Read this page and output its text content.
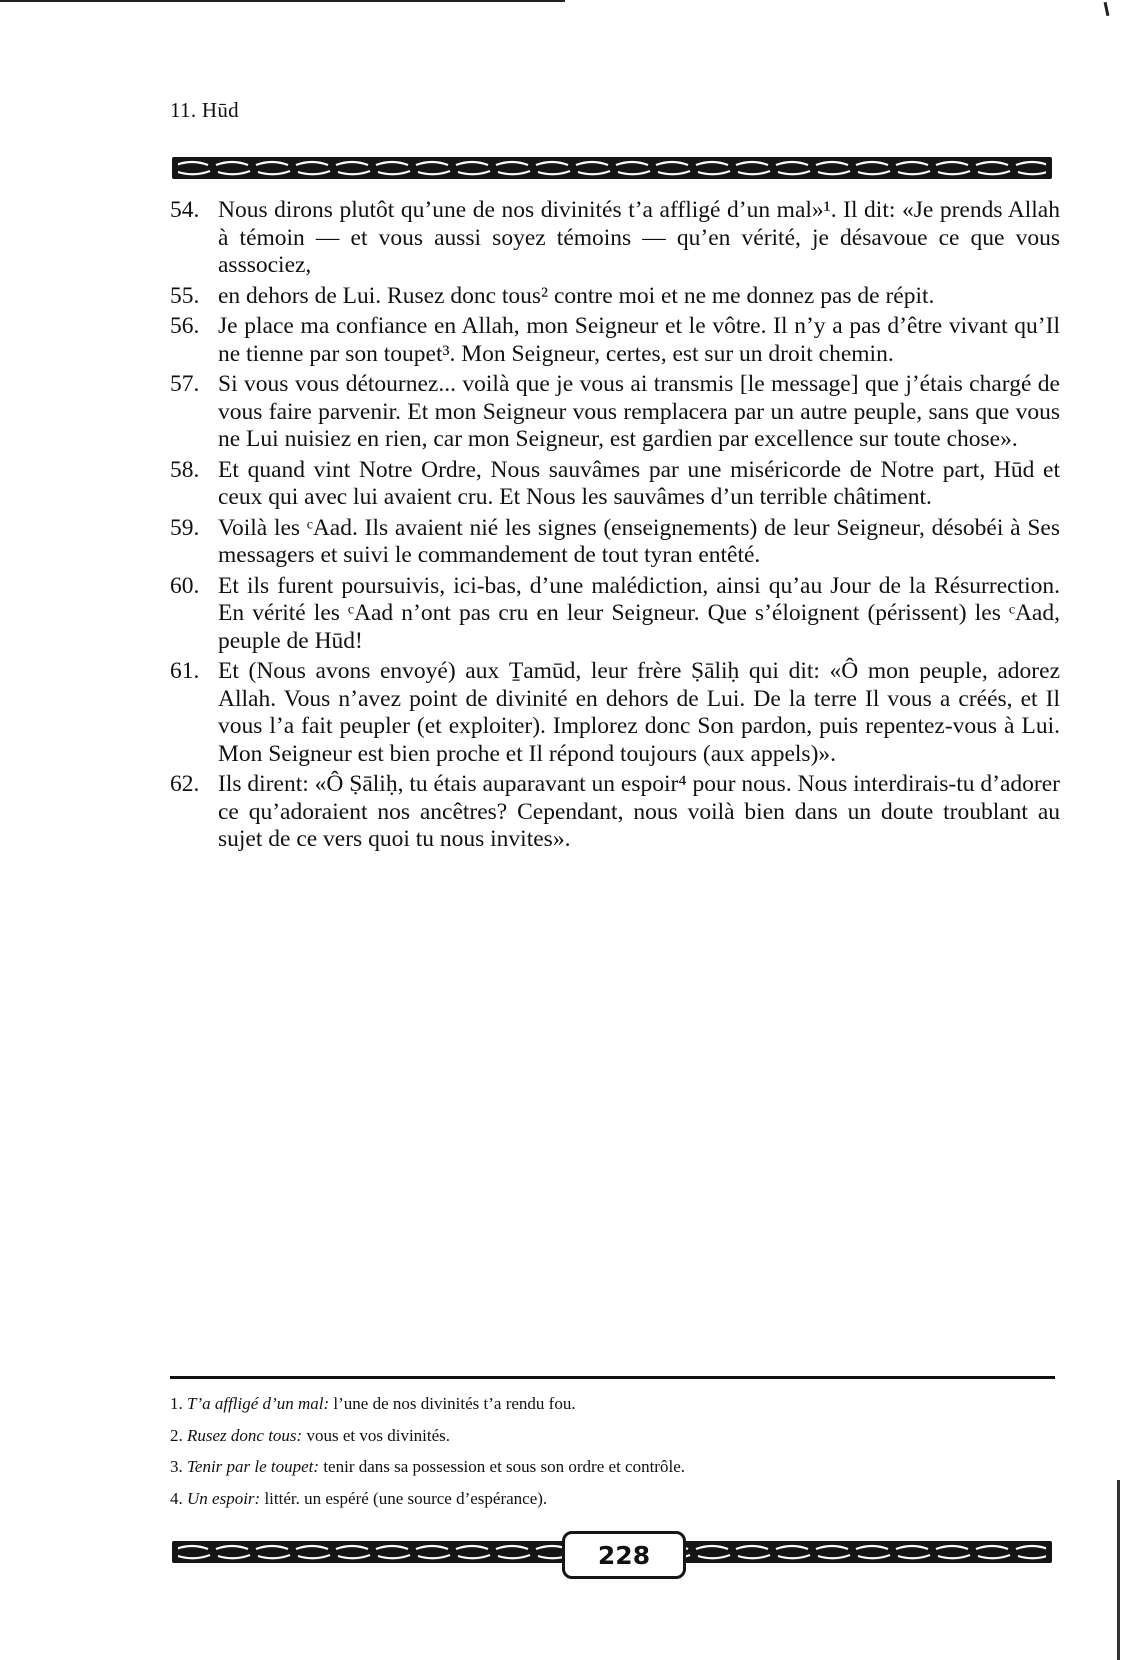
11. Hūd
54. Nous dirons plutôt qu’une de nos divinités t’a affligé d’un mal»¹. Il dit: «Je prends Allah à témoin — et vous aussi soyez témoins — qu’en vérité, je désavoue ce que vous asssociez,
55. en dehors de Lui. Rusez donc tous² contre moi et ne me donnez pas de répit.
56. Je place ma confiance en Allah, mon Seigneur et le vôtre. Il n’y a pas d’être vivant qu’Il ne tienne par son toupet³. Mon Seigneur, certes, est sur un droit chemin.
57. Si vous vous détournez... voilà que je vous ai transmis [le message] que j’étais chargé de vous faire parvenir. Et mon Seigneur vous remplacera par un autre peuple, sans que vous ne Lui nuisiez en rien, car mon Seigneur, est gardien par excellence sur toute chose».
58. Et quand vint Notre Ordre, Nous sauvâmes par une miséricorde de Notre part, Hūd et ceux qui avec lui avaient cru. Et Nous les sauvâmes d’un terrible châtiment.
59. Voilà les ᶜAad. Ils avaient nié les signes (enseignements) de leur Seigneur, désobéi à Ses messagers et suivi le commandement de tout tyran entêté.
60. Et ils furent poursuivis, ici-bas, d’une malédiction, ainsi qu’au Jour de la Résurrection. En vérité les ᶜAad n’ont pas cru en leur Seigneur. Que s’éloignent (périssent) les ᶜAad, peuple de Hūd!
61. Et (Nous avons envoyé) aux Ṯamūd, leur frère Ṣāliḥ qui dit: «Ô mon peuple, adorez Allah. Vous n’avez point de divinité en dehors de Lui. De la terre Il vous a créés, et Il vous l’a fait peupler (et exploiter). Implorez donc Son pardon, puis repentez-vous à Lui. Mon Seigneur est bien proche et Il répond toujours (aux appels)».
62. Ils dirent: «Ô Ṣāliḥ, tu étais auparavant un espoir⁴ pour nous. Nous interdirais-tu d’adorer ce qu’adoraient nos ancêtres? Cependant, nous voilà bien dans un doute troublant au sujet de ce vers quoi tu nous invites».
1. T’a affligé d’un mal: l’une de nos divinités t’a rendu fou.
2. Rusez donc tous: vous et vos divinités.
3. Tenir par le toupet: tenir dans sa possession et sous son ordre et contrôle.
4. Un espoir: littér. un espéré (une source d’espérance).
228
